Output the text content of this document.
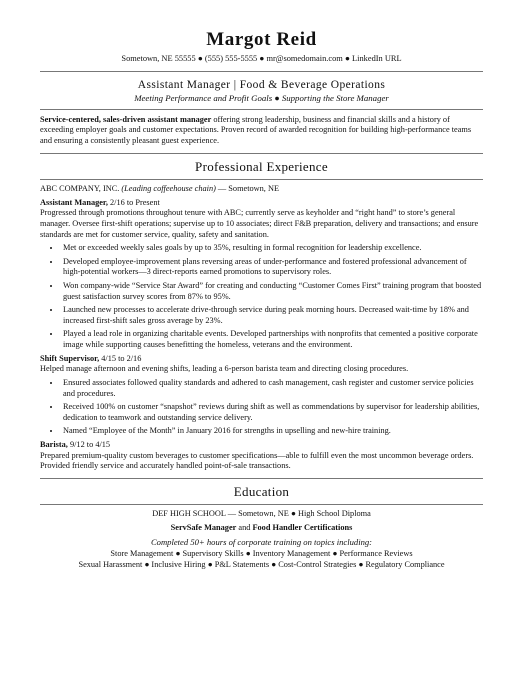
Margot Reid
Sometown, NE 55555 ● (555) 555-5555 ● mr@somedomain.com ● LinkedIn URL
Assistant Manager | Food & Beverage Operations
Meeting Performance and Profit Goals ● Supporting the Store Manager

Service-centered, sales-driven assistant manager offering strong leadership, business and financial skills and a history of exceeding employer goals and customer expectations. Proven record of awarded recognition for building high-performance teams and ensuring a consistently pleasant guest experience.

Professional Experience
ABC COMPANY, INC. (Leading coffeehouse chain) — Sometown, NE
Assistant Manager, 2/16 to Present

Progressed through promotions throughout tenure with ABC; currently serve as keyholder and “right hand” to store’s general manager. Oversee first-shift operations; supervise up to 10 associates; direct F&B preparation, delivery and transactions; and ensure standards are met for customer service, quality, safety and sanitation.

• Met or exceeded weekly sales goals by up to 35%, resulting in formal recognition for leadership excellence.
• Developed employee-improvement plans reversing areas of under-performance and fostered professional advancement of high-potential workers—3 direct-reports earned promotions to supervisory roles.
• Won company-wide “Service Star Award” for creating and conducting “Customer Comes First” training program that boosted guest satisfaction survey scores from 87% to 95%.
• Launched new processes to accelerate drive-through service during peak morning hours. Decreased wait-time by 18% and increased first-shift sales gross average by 23%.
• Played a lead role in organizing charitable events. Developed partnerships with nonprofits that cemented a positive corporate image while supporting causes benefitting the homeless, veterans and the environment.
Shift Supervisor, 4/15 to 2/16

Helped manage afternoon and evening shifts, leading a 6-person barista team and directing closing procedures.

• Ensured associates followed quality standards and adhered to cash management, cash register and customer service policies and procedures.
• Received 100% on customer “snapshot” reviews during shift as well as commendations by supervisor for leadership abilities, dedication to teamwork and outstanding service delivery.
• Named “Employee of the Month” in January 2016 for strengths in upselling and new-hire training.
Barista, 9/12 to 4/15

Prepared premium-quality custom beverages to customer specifications—able to fulfill even the most uncommon beverage orders. Provided friendly service and accurately handled point-of-sale transactions.

Education
DEF HIGH SCHOOL — Sometown, NE ● High School Diploma
ServSafe Manager and Food Handler Certifications
Completed 50+ hours of corporate training on topics including:
Store Management ● Supervisory Skills ● Inventory Management ● Performance Reviews
Sexual Harassment ● Inclusive Hiring ● P&L Statements ● Cost-Control Strategies ● Regulatory Compliance
